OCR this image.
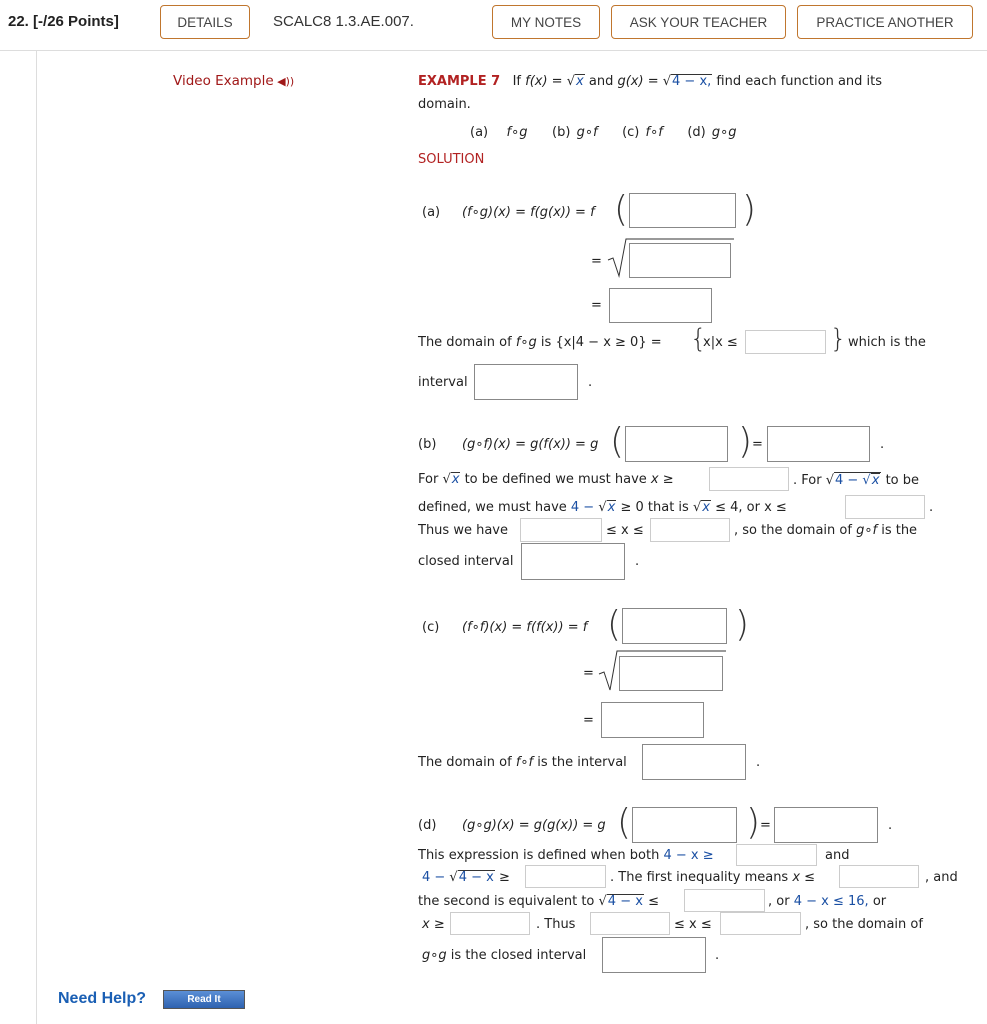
22. [-/26 Points]	DETAILS	SCALC8 1.3.AE.007.	MY NOTES	ASK YOUR TEACHER	PRACTICE ANOTHER
Video Example ◀))	EXAMPLE 7 If f(x) = √x and g(x) = √4 − x, find each function and its
domain.
(a) f∘g (b) g∘f (c) f∘f (d) g∘g
SOLUTION
(a) (f∘g)(x) = f(g(x)) = f (	)
=
=
The domain of f∘g is {x|4 − x ≥ 0} = {
x|x ≤	} which is the
interval	.
(b) (g∘f)(x) = g(f(x)) = g (	) =	.
For √x to be defined we must have x ≥	. For √4 − √x to be
defined, we must have 4 − √x ≥ 0 that is √x ≤ 4, or x ≤	.
Thus we have	≤ x ≤	, so the domain of g∘f is the
closed interval	.
(c) (f∘f)(x) = f(f(x)) = f (	)
=
=
The domain of f∘f is the interval	.
(d) (g∘g)(x) = g(g(x)) = g (	) =	.
This expression is defined when both 4 − x ≥	and
4 − √4 − x ≥	. The first inequality means x ≤	, and
the second is equivalent to √4 − x ≤	, or 4 − x ≤ 16, or
x ≥	. Thus	≤ x ≤	, so the domain of
g∘g is the closed interval	.
Need Help?	Read It
